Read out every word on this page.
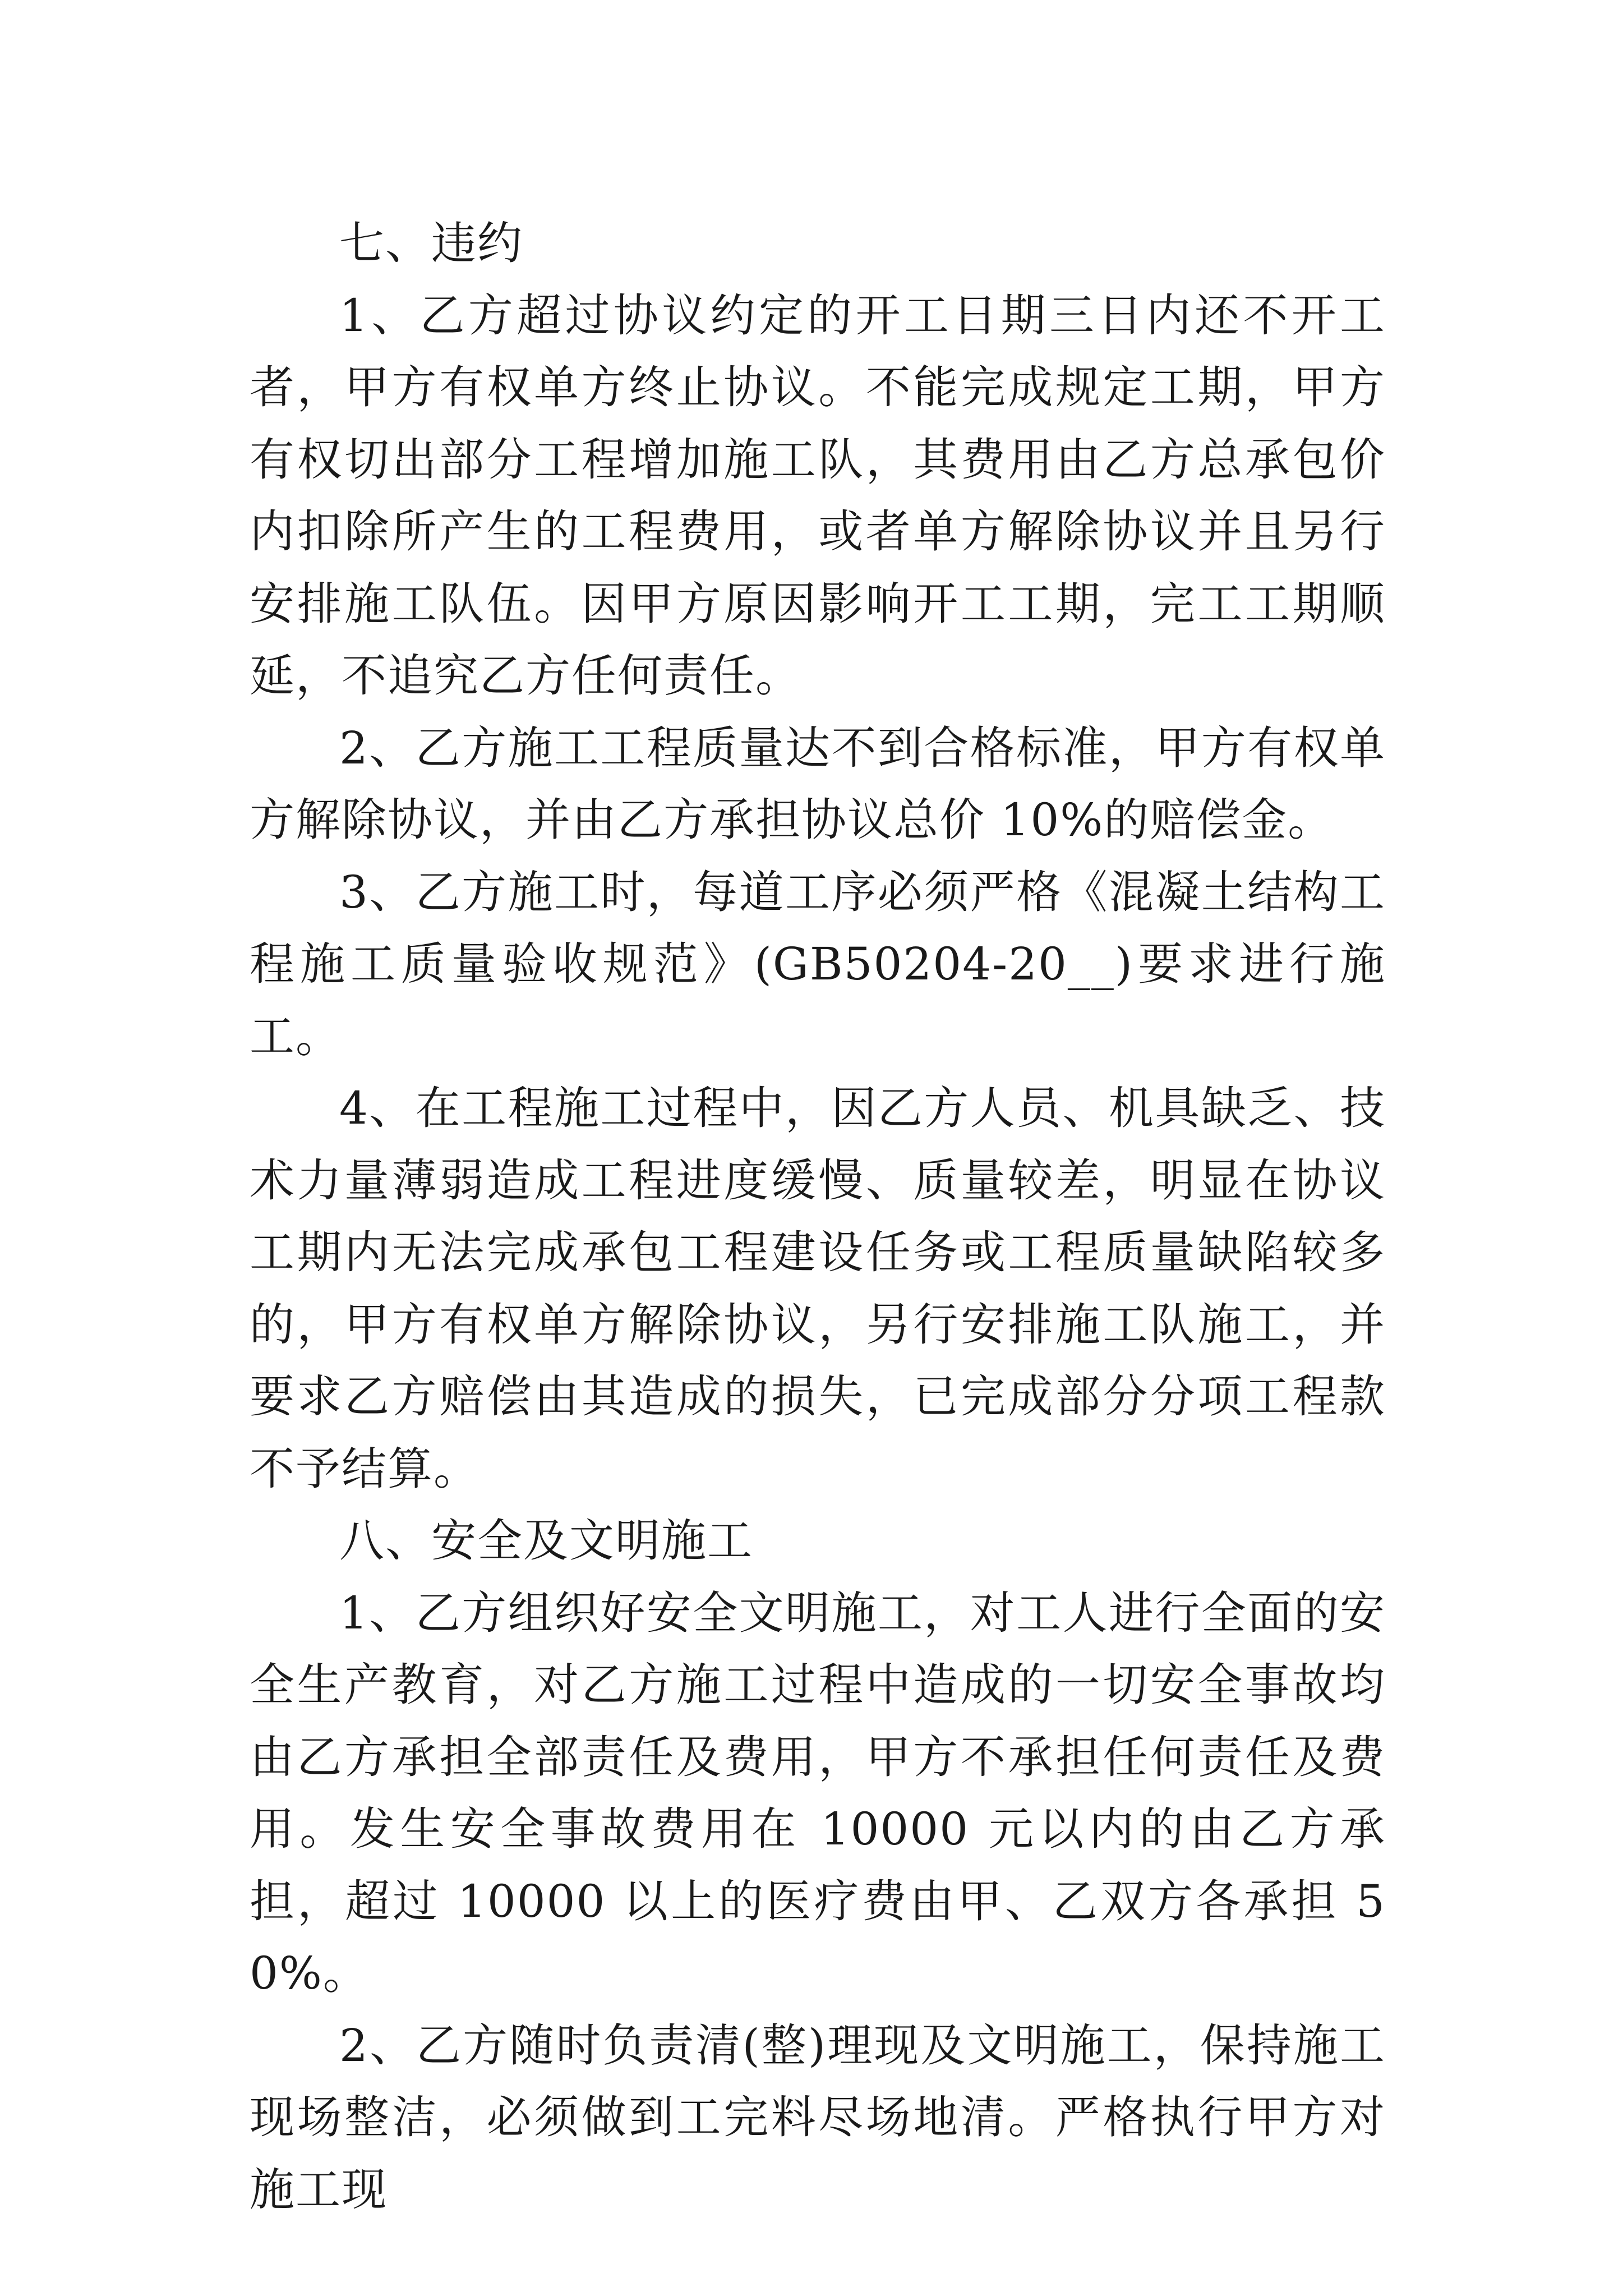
七、违约

1、乙方超过协议约定的开工日期三日内还不开工者，甲方有权单方终止协议。不能完成规定工期，甲方有权切出部分工程增加施工队，其费用由乙方总承包价内扣除所产生的工程费用，或者单方解除协议并且另行安排施工队伍。因甲方原因影响开工工期，完工工期顺延，不追究乙方任何责任。

2、乙方施工工程质量达不到合格标准，甲方有权单方解除协议，并由乙方承担协议总价 10%的赔偿金。

3、乙方施工时，每道工序必须严格《混凝土结构工程施工质量验收规范》(GB50204-20__)要求进行施工。

4、在工程施工过程中，因乙方人员、机具缺乏、技术力量薄弱造成工程进度缓慢、质量较差，明显在协议工期内无法完成承包工程建设任务或工程质量缺陷较多的，甲方有权单方解除协议，另行安排施工队施工，并要求乙方赔偿由其造成的损失，已完成部分分项工程款不予结算。

八、安全及文明施工

1、乙方组织好安全文明施工，对工人进行全面的安全生产教育，对乙方施工过程中造成的一切安全事故均由乙方承担全部责任及费用，甲方不承担任何责任及费用。发生安全事故费用在 10000 元以内的由乙方承担，超过 10000 以上的医疗费由甲、乙双方各承担 50%。

2、乙方随时负责清(整)理现及文明施工，保持施工现场整洁，必须做到工完料尽场地清。严格执行甲方对施工现
